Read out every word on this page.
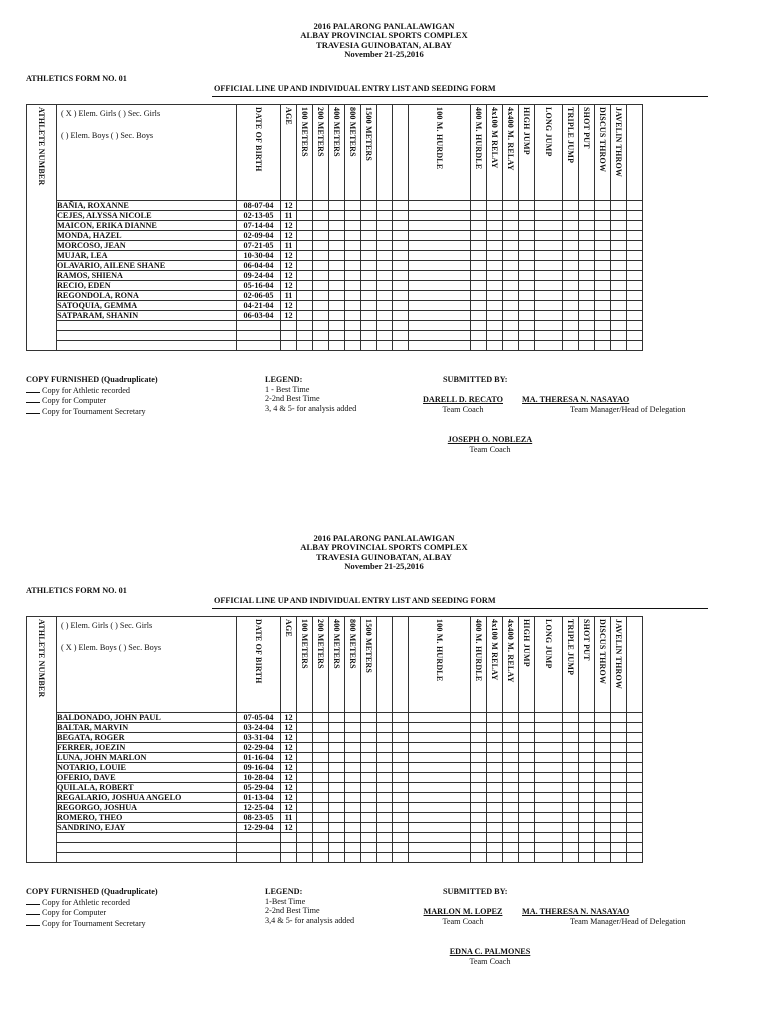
2016 PALARONG PANLALAWIGAN
ALBAY PROVINCIAL SPORTS COMPLEX
TRAVESIA GUINOBATAN, ALBAY
November 21-25,2016
ATHLETICS FORM NO. 01
OFFICIAL LINE UP AND INDIVIDUAL ENTRY LIST AND SEEDING FORM
ATHLETE NUMBER	( X ) Elem. Girls ( ) Sec. Girls
( ) Elem. Boys ( ) Sec. Boys	DATE OF BIRTH	AGE	100 METERS	200 METERS	400 METERS	800 METERS	1500 METERS			100 M. HURDLE	400 M. HURDLE	4x100 M RELAY	4x400 M. RELAY	HIGH JUMP	LONG JUMP	TRIPLE JUMP	SHOT PUT	DISCUS THROW	JAVELIN THROW	

	BAÑIA, ROXANNE	08-07-04	12																		
	CEJES, ALYSSA NICOLE	02-13-05	11																		
	MAICON, ERIKA DIANNE	07-14-04	12																		
	MONDA, HAZEL	02-09-04	12																		
	MORCOSO, JEAN	07-21-05	11																		
	MUJAR, LEA	10-30-04	12																		
	OLAVARIO, AILENE SHANE	06-04-04	12																		
	RAMOS, SHIENA	09-24-04	12																		
	RECIO, EDEN	05-16-04	12																		
	REGONDOLA, RONA	02-06-05	11																		
	SATOQUIA, GEMMA	04-21-04	12																		
	SATPARAM, SHANIN	06-03-04	12																		

COPY FURNISHED (Quadruplicate)
Copy for Athletic recorded
Copy for Computer
Copy for Tournament Secretary
LEGEND:
1 - Best Time
2-2nd Best Time
3, 4 & 5- for analysis added
SUBMITTED BY:
DARELL D. RECATO
Team Coach
MA. THERESA N. NASAYAO
Team Manager/Head of Delegation
JOSEPH O. NOBLEZA
Team Coach
2016 PALARONG PANLALAWIGAN
ALBAY PROVINCIAL SPORTS COMPLEX
TRAVESIA GUINOBATAN, ALBAY
November 21-25,2016
ATHLETICS FORM NO. 01
OFFICIAL LINE UP AND INDIVIDUAL ENTRY LIST AND SEEDING FORM
ATHLETE NUMBER	( ) Elem. Girls ( ) Sec. Girls
( X ) Elem. Boys ( ) Sec. Boys	DATE OF BIRTH	AGE	100 METERS	200 METERS	400 METERS	800 METERS	1500 METERS			100 M. HURDLE	400 M. HURDLE	4x100 M RELAY	4x400 M. RELAY	HIGH JUMP	LONG JUMP	TRIPLE JUMP	SHOT PUT	DISCUS THROW	JAVELIN THROW	

	BALDONADO, JOHN PAUL	07-05-04	12																		
	BALTAR, MARVIN	03-24-04	12																		
	BEGATA, ROGER	03-31-04	12																		
	FERRER, JOEZIN	02-29-04	12																		
	LUNA, JOHN MARLON	01-16-04	12																		
	NOTARIO, LOUIE	09-16-04	12																		
	OFERIO, DAVE	10-28-04	12																		
	QUILALA, ROBERT	05-29-04	12																		
	REGALARIO, JOSHUA ANGELO	01-13-04	12																		
	REGORGO, JOSHUA	12-25-04	12																		
	ROMERO, THEO	08-23-05	11																		
	SANDRINO, EJAY	12-29-04	12																		

COPY FURNISHED (Quadruplicate)
Copy for Athletic recorded
Copy for Computer
Copy for Tournament Secretary
LEGEND:
1-Best Time
2-2nd Best Time
3,4 & 5- for analysis added
SUBMITTED BY:
MARLON M. LOPEZ
Team Coach
MA. THERESA N. NASAYAO
Team Manager/Head of Delegation
EDNA C. PALMONES
Team Coach
